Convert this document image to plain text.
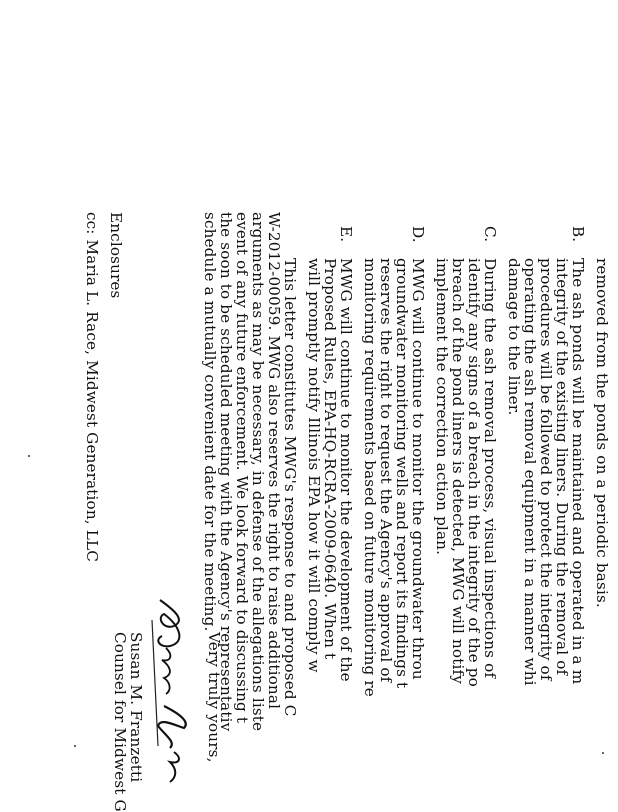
removed from the ponds on a periodic basis.
B.
The ash ponds will be maintained and operated in a m
integrity of the existing liners. During the removal of
procedures will be followed to protect the integrity of
operating the ash removal equipment in a manner whi
damage to the liner.
C.
During the ash removal process, visual inspections of
identify any signs of a breach in the integrity of the po
breach of the pond liners is detected, MWG will notify
implement the correction action plan.
D.
MWG will continue to monitor the groundwater throu
groundwater monitoring wells and report its findings t
reserves the right to request the Agency's approval of
monitoring requirements based on future monitoring re
E.
MWG will continue to monitor the development of the
Proposed Rules, EPA-HQ-RCRA-2009-0640. When t
will promptly notify Illinois EPA how it will comply w
This letter constitutes MWG's response to and proposed C
W-2012-00059. MWG also reserves the right to raise additional
arguments as may be necessary, in defense of the allegations liste
event of any future enforcement. We look forward to discussing t
the soon to be scheduled meeting with the Agency's representativ
schedule a mutually convenient date for the meeting.
Very truly yours,
Susan M. Franzetti
Counsel for Midwest G
Enclosures
cc: Maria L. Race, Midwest Generation, LLC
